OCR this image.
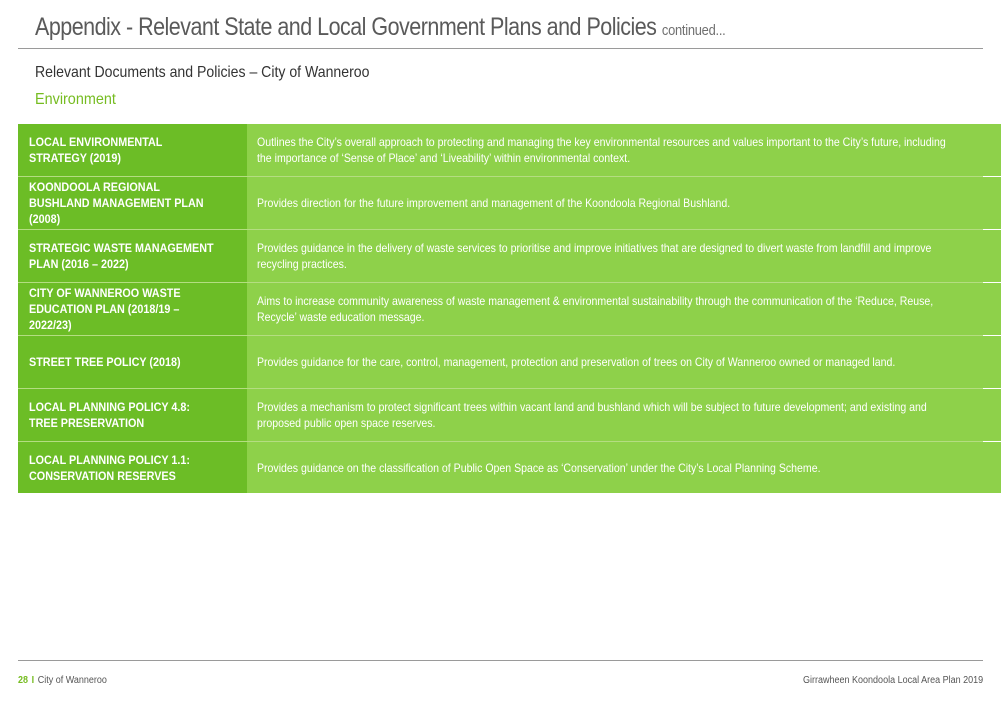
Appendix - Relevant State and Local Government Plans and Policies continued...
Relevant Documents and Policies – City of Wanneroo
Environment
LOCAL ENVIRONMENTAL STRATEGY (2019)
Outlines the City’s overall approach to protecting and managing the key environmental resources and values important to the City’s future, including the importance of ‘Sense of Place’ and ‘Liveability’ within environmental context.
KOONDOOLA REGIONAL BUSHLAND MANAGEMENT PLAN (2008)
Provides direction for the future improvement and management of the Koondoola Regional Bushland.
STRATEGIC WASTE MANAGEMENT PLAN (2016 – 2022)
Provides guidance in the delivery of waste services to prioritise and improve initiatives that are designed to divert waste from landfill and improve recycling practices.
CITY OF WANNEROO WASTE EDUCATION PLAN (2018/19 – 2022/23)
Aims to increase community awareness of waste management & environmental sustainability through the communication of the ‘Reduce, Reuse, Recycle’ waste education message.
STREET TREE POLICY (2018)	Provides guidance for the care, control, management, protection and preservation of trees on City of Wanneroo owned or managed land.
LOCAL PLANNING POLICY 4.8: TREE PRESERVATION
Provides a mechanism to protect significant trees within vacant land and bushland which will be subject to future development; and existing and proposed public open space reserves.
LOCAL PLANNING POLICY 1.1: CONSERVATION RESERVES
Provides guidance on the classification of Public Open Space as ‘Conservation’ under the City’s Local Planning Scheme.
28 I City of Wanneroo	Girrawheen Koondoola Local Area Plan 2019
